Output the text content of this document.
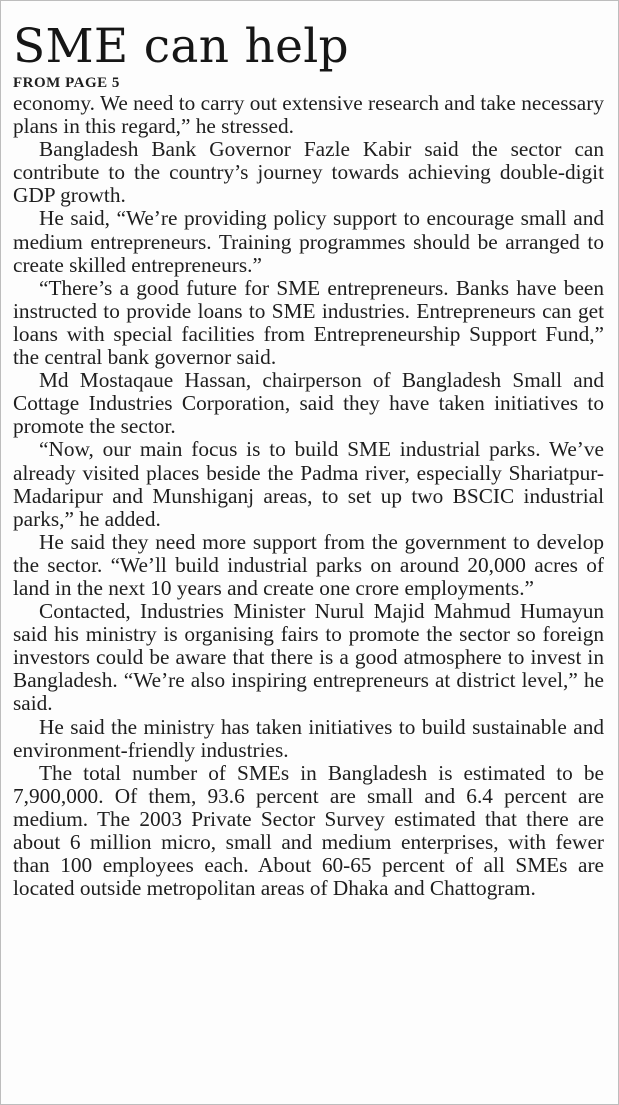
SME can help
FROM PAGE 5

economy. We need to carry out extensive research and take necessary plans in this regard,” he stressed.

Bangladesh Bank Governor Fazle Kabir said the sector can contribute to the country’s journey towards achieving double-digit GDP growth.

He said, “We’re providing policy support to encourage small and medium entrepreneurs. Training programmes should be arranged to create skilled entrepreneurs.”

“There’s a good future for SME entrepreneurs. Banks have been instructed to provide loans to SME industries. Entrepreneurs can get loans with special facilities from Entrepreneurship Support Fund,” the central bank governor said.

Md Mostaqaue Hassan, chairperson of Bangladesh Small and Cottage Industries Corporation, said they have taken initiatives to promote the sector.

“Now, our main focus is to build SME industrial parks. We’ve already visited places beside the Padma river, especially Shariatpur-Madaripur and Munshiganj areas, to set up two BSCIC industrial parks,” he added.

He said they need more support from the government to develop the sector. “We’ll build industrial parks on around 20,000 acres of land in the next 10 years and create one crore employments.”

Contacted, Industries Minister Nurul Majid Mahmud Humayun said his ministry is organising fairs to promote the sector so foreign investors could be aware that there is a good atmosphere to invest in Bangladesh. “We’re also inspiring entrepreneurs at district level,” he said.

He said the ministry has taken initiatives to build sustainable and environment-friendly industries.

The total number of SMEs in Bangladesh is estimated to be 7,900,000. Of them, 93.6 percent are small and 6.4 percent are medium. The 2003 Private Sector Survey estimated that there are about 6 million micro, small and medium enterprises, with fewer than 100 employees each. About 60-65 percent of all SMEs are located outside metropolitan areas of Dhaka and Chattogram.
